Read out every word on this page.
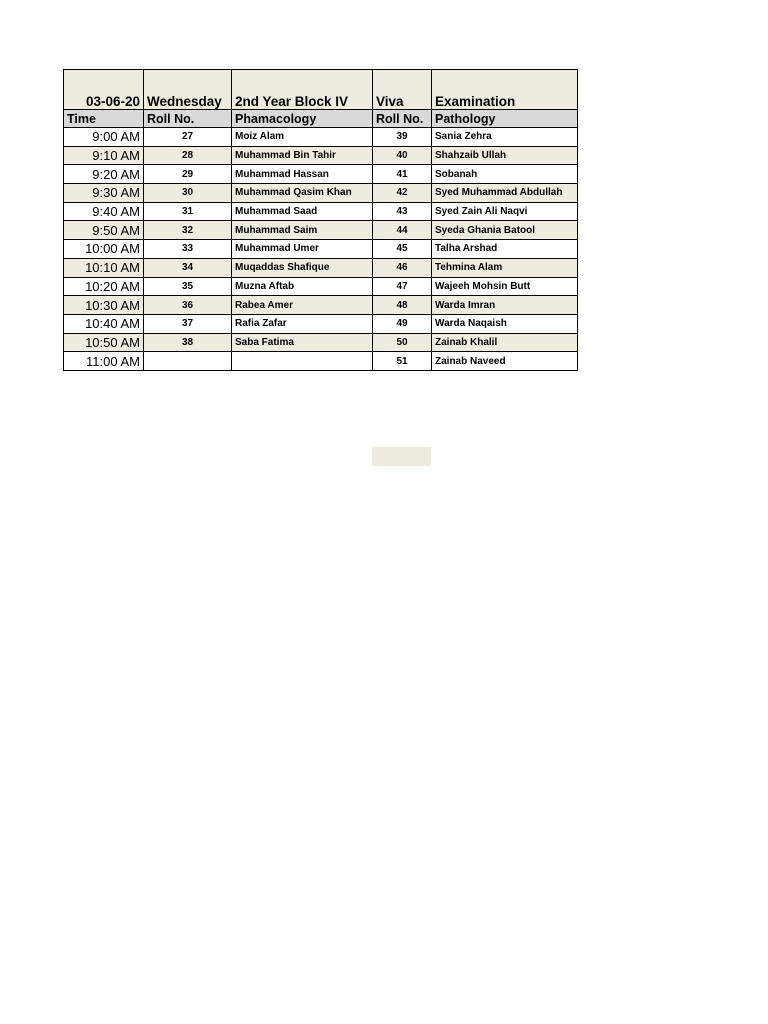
03-06-20	Wednesday	2nd Year Block IV	Viva	Examination
Time	Roll No.	Phamacology	Roll No.	Pathology
9:00 AM	27	Moiz Alam	39	Sania Zehra
9:10 AM	28	Muhammad Bin Tahir	40	Shahzaib Ullah
9:20 AM	29	Muhammad Hassan	41	Sobanah
9:30 AM	30	Muhammad Qasim Khan	42	Syed Muhammad Abdullah
9:40 AM	31	Muhammad Saad	43	Syed Zain Ali Naqvi
9:50 AM	32	Muhammad Saim	44	Syeda Ghania Batool
10:00 AM	33	Muhammad Umer	45	Talha Arshad
10:10 AM	34	Muqaddas Shafique	46	Tehmina Alam
10:20 AM	35	Muzna Aftab	47	Wajeeh Mohsin Butt
10:30 AM	36	Rabea Amer	48	Warda Imran
10:40 AM	37	Rafia Zafar	49	Warda Naqaish
10:50 AM	38	Saba Fatima	50	Zainab Khalil
11:00 AM			51	Zainab Naveed
